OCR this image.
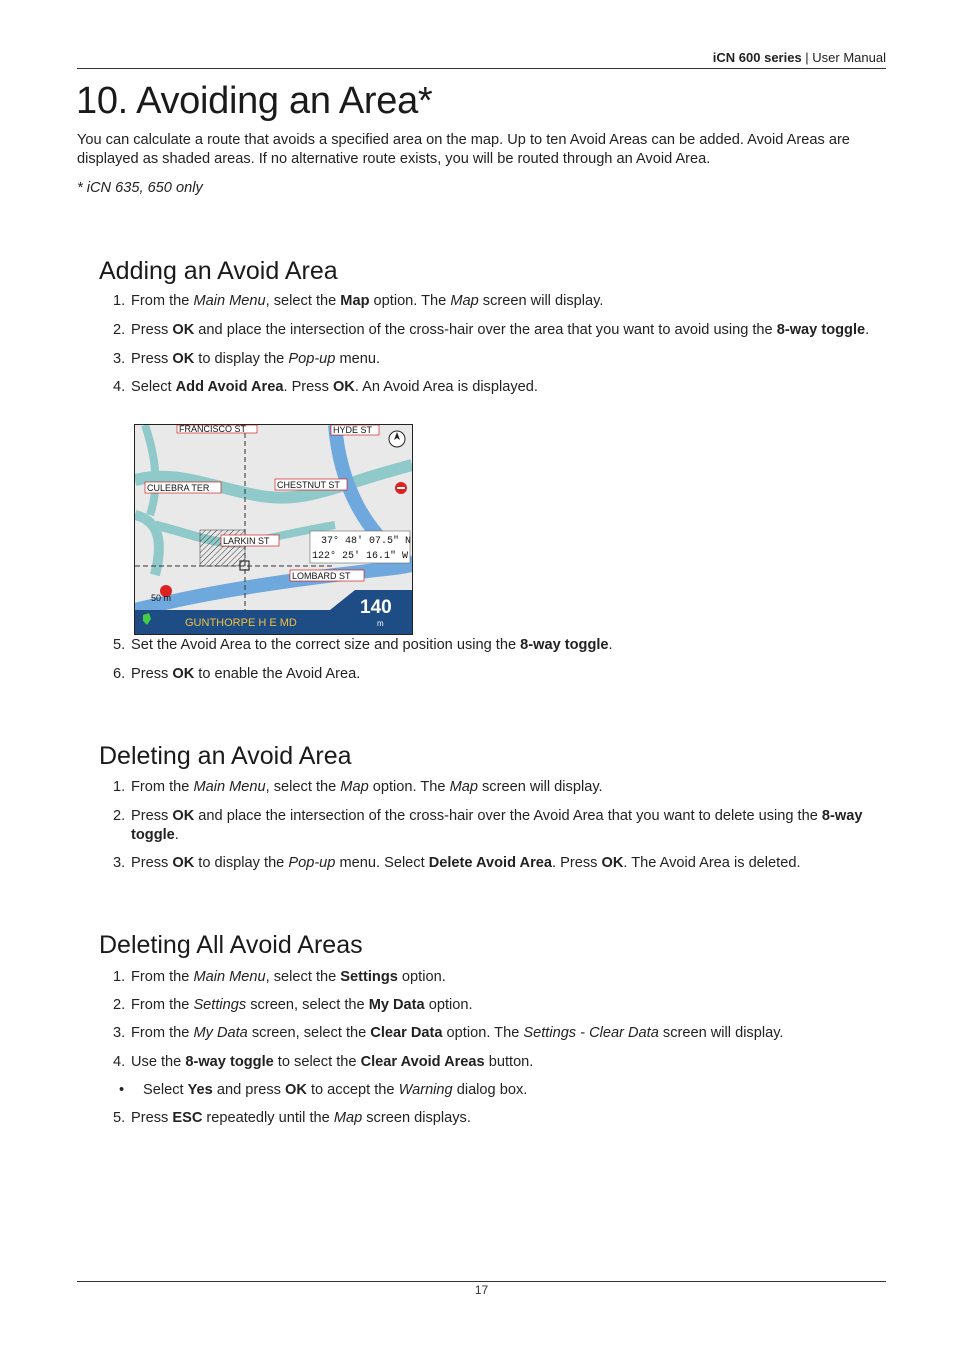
iCN 600 series | User Manual
10. Avoiding an Area*

You can calculate a route that avoids a specified area on the map. Up to ten Avoid Areas can be added. Avoid Areas are displayed as shaded areas. If no alternative route exists, you will be routed through an Avoid Area.

* iCN 635, 650 only

Adding an Avoid Area
1. From the Main Menu, select the Map option. The Map screen will display.
2. Press OK and place the intersection of the cross-hair over the area that you want to avoid using the 8-way toggle.
3. Press OK to display the Pop-up menu.
4. Select Add Avoid Area. Press OK. An Avoid Area is displayed.
FRANCISCO ST	HYDE ST
CULEBRA TER	CHESTNUT ST
LARKIN ST
LOMBARD ST
37° 48' 07.5" N
122° 25' 16.1" W
50 m
GUNTHORPE H E MD
140
m
5. Set the Avoid Area to the correct size and position using the 8-way toggle.
6. Press OK to enable the Avoid Area.
Deleting an Avoid Area
1. From the Main Menu, select the Map option. The Map screen will display.
2. Press OK and place the intersection of the cross-hair over the Avoid Area that you want to delete using the 8-way toggle.
3. Press OK to display the Pop-up menu. Select Delete Avoid Area. Press OK. The Avoid Area is deleted.
Deleting All Avoid Areas
1. From the Main Menu, select the Settings option.
2. From the Settings screen, select the My Data option.
3. From the My Data screen, select the Clear Data option. The Settings - Clear Data screen will display.
4. Use the 8-way toggle to select the Clear Avoid Areas button.
• Select Yes and press OK to accept the Warning dialog box.
5. Press ESC repeatedly until the Map screen displays.
17
